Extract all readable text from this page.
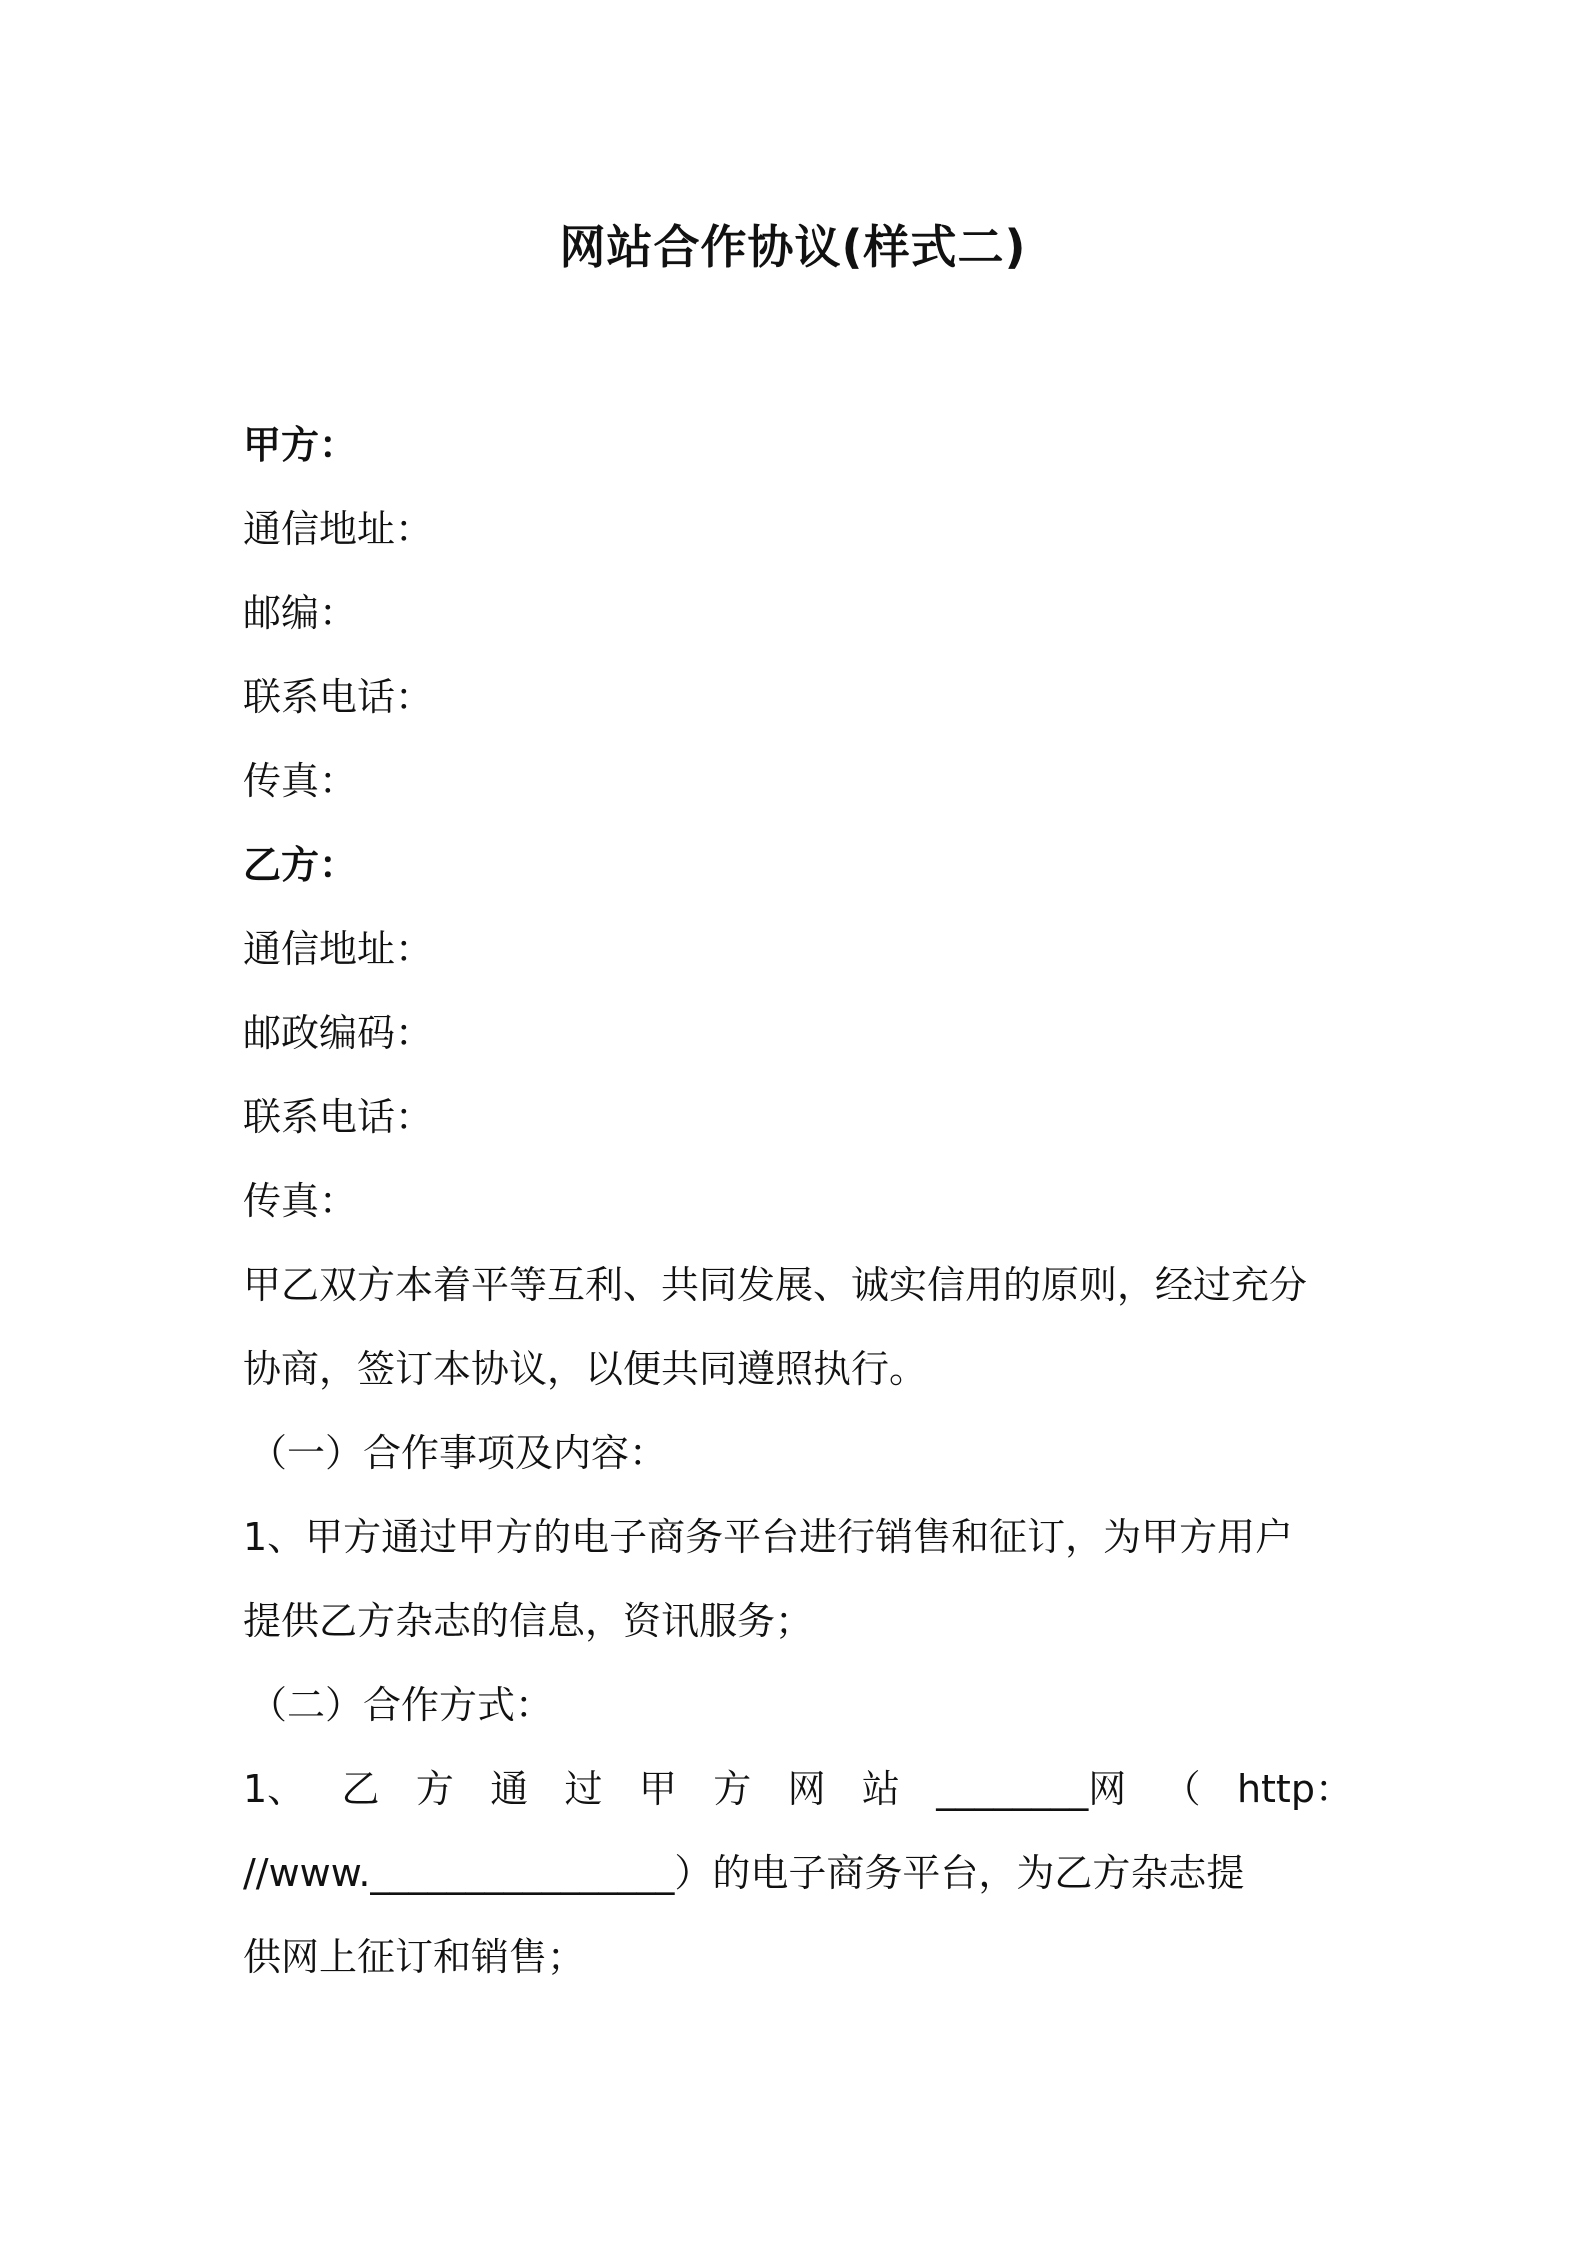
网站合作协议(样式二)
甲方：
通信地址：
邮编：
联系电话：
传真：
乙方：
通信地址：
邮政编码：
联系电话：
传真：
甲乙双方本着平等互利、共同发展、诚实信用的原则，经过充分
协商，签订本协议，以便共同遵照执行。
（一）合作事项及内容：
1、甲方通过甲方的电子商务平台进行销售和征订，为甲方用户
提供乙方杂志的信息，资讯服务；
（二）合作方式：
1、 乙 方 通 过 甲 方 网 站 ________网 （ http：
//www.________________）的电子商务平台，为乙方杂志提
供网上征订和销售；
